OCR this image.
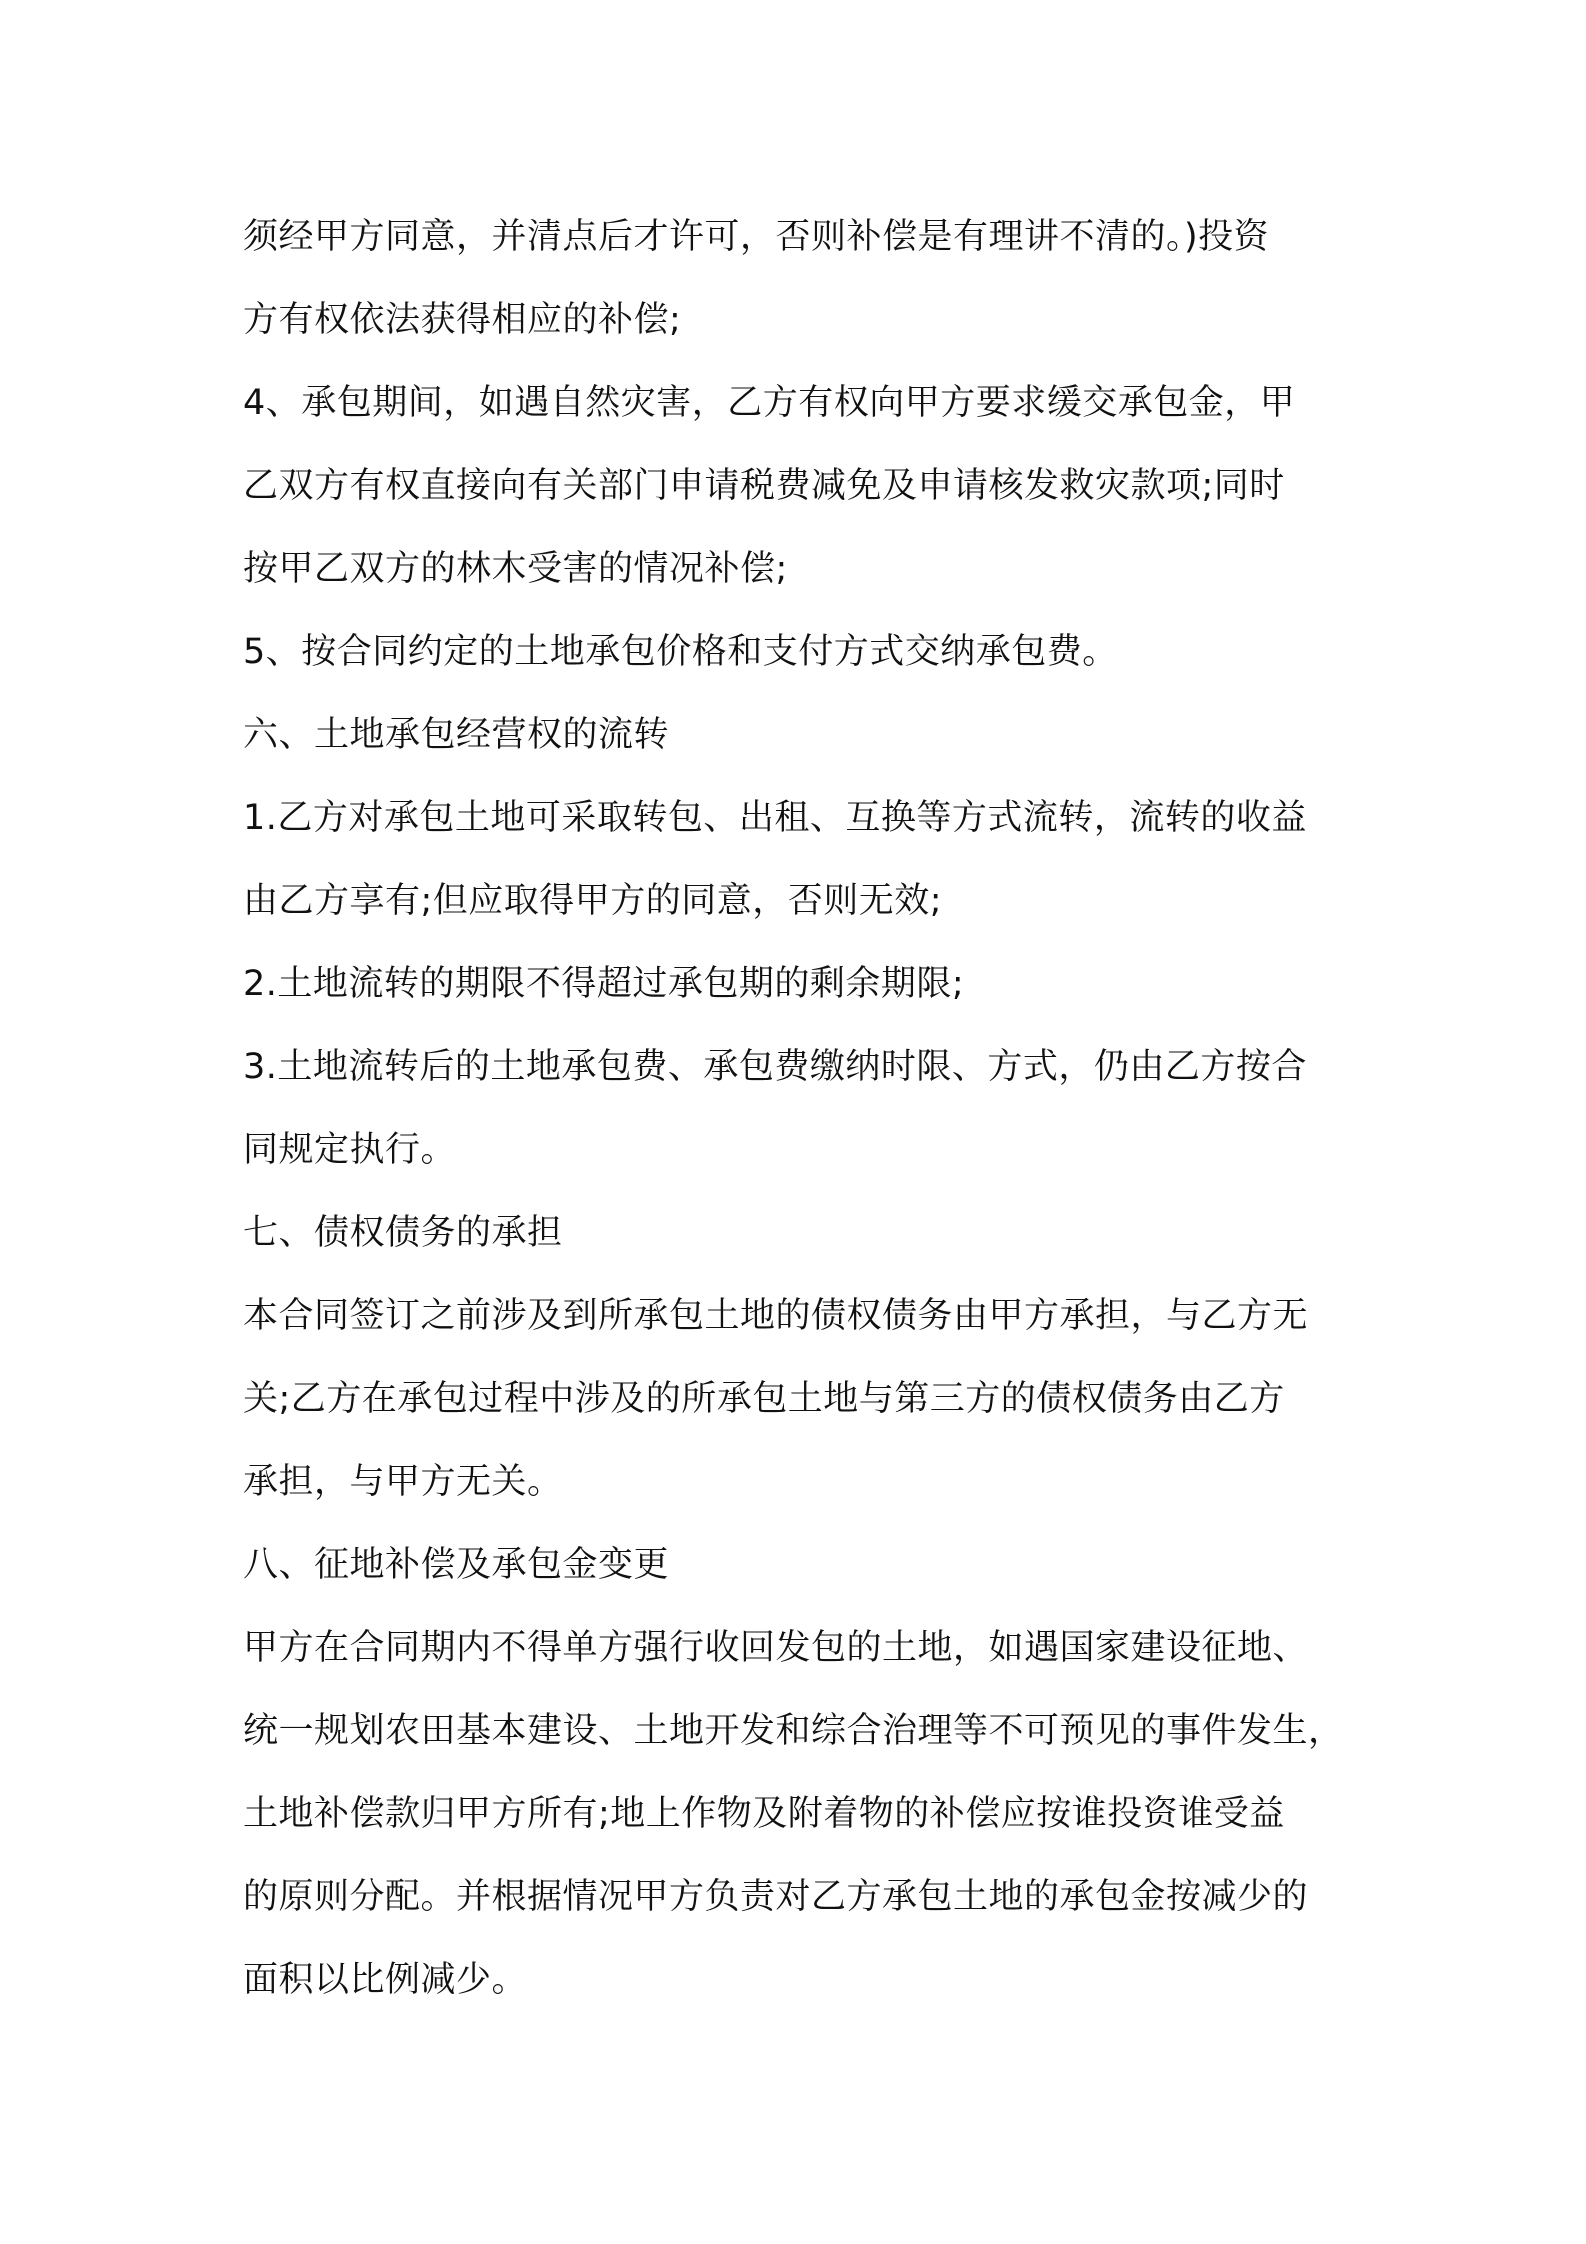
须经甲方同意，并清点后才许可，否则补偿是有理讲不清的。)投资
方有权依法获得相应的补偿;
4、承包期间，如遇自然灾害，乙方有权向甲方要求缓交承包金，甲
乙双方有权直接向有关部门申请税费减免及申请核发救灾款项;同时
按甲乙双方的林木受害的情况补偿;
5、按合同约定的土地承包价格和支付方式交纳承包费。
六、土地承包经营权的流转
1.乙方对承包土地可采取转包、出租、互换等方式流转，流转的收益
由乙方享有;但应取得甲方的同意，否则无效;
2.土地流转的期限不得超过承包期的剩余期限;
3.土地流转后的土地承包费、承包费缴纳时限、方式，仍由乙方按合
同规定执行。
七、债权债务的承担
本合同签订之前涉及到所承包土地的债权债务由甲方承担，与乙方无
关;乙方在承包过程中涉及的所承包土地与第三方的债权债务由乙方
承担，与甲方无关。
八、征地补偿及承包金变更
甲方在合同期内不得单方强行收回发包的土地，如遇国家建设征地、
统一规划农田基本建设、土地开发和综合治理等不可预见的事件发生，
土地补偿款归甲方所有;地上作物及附着物的补偿应按谁投资谁受益
的原则分配。并根据情况甲方负责对乙方承包土地的承包金按减少的
面积以比例减少。
